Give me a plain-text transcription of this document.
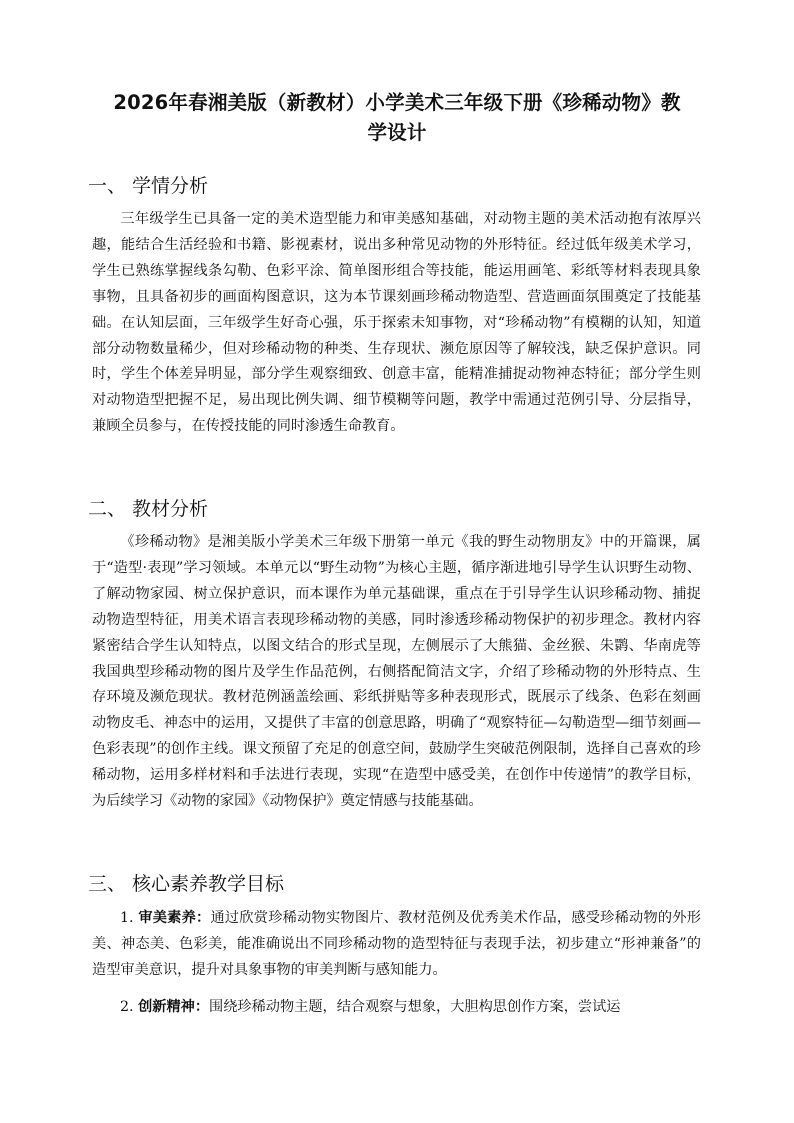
2026年春湘美版（新教材）小学美术三年级下册《珍稀动物》教
学设计
一、 学情分析

三年级学生已具备一定的美术造型能力和审美感知基础，对动物主题的美术活动抱有浓厚兴趣，能结合生活经验和书籍、影视素材，说出多种常见动物的外形特征。经过低年级美术学习，学生已熟练掌握线条勾勒、色彩平涂、简单图形组合等技能，能运用画笔、彩纸等材料表现具象事物，且具备初步的画面构图意识，这为本节课刻画珍稀动物造型、营造画面氛围奠定了技能基础。在认知层面，三年级学生好奇心强，乐于探索未知事物，对“珍稀动物”有模糊的认知，知道部分动物数量稀少，但对珍稀动物的种类、生存现状、濒危原因等了解较浅，缺乏保护意识。同时，学生个体差异明显，部分学生观察细致、创意丰富，能精准捕捉动物神态特征；部分学生则对动物造型把握不足，易出现比例失调、细节模糊等问题，教学中需通过范例引导、分层指导，兼顾全员参与，在传授技能的同时渗透生命教育。

二、 教材分析

《珍稀动物》是湘美版小学美术三年级下册第一单元《我的野生动物朋友》中的开篇课，属于“造型·表现”学习领域。本单元以“野生动物”为核心主题，循序渐进地引导学生认识野生动物、了解动物家园、树立保护意识，而本课作为单元基础课，重点在于引导学生认识珍稀动物、捕捉动物造型特征，用美术语言表现珍稀动物的美感，同时渗透珍稀动物保护的初步理念。教材内容紧密结合学生认知特点，以图文结合的形式呈现，左侧展示了大熊猫、金丝猴、朱鹮、华南虎等我国典型珍稀动物的图片及学生作品范例，右侧搭配简洁文字，介绍了珍稀动物的外形特点、生存环境及濒危现状。教材范例涵盖绘画、彩纸拼贴等多种表现形式，既展示了线条、色彩在刻画动物皮毛、神态中的运用，又提供了丰富的创意思路，明确了“观察特征—勾勒造型—细节刻画—色彩表现”的创作主线。课文预留了充足的创意空间，鼓励学生突破范例限制，选择自己喜欢的珍稀动物，运用多样材料和手法进行表现，实现“在造型中感受美，在创作中传递情”的教学目标，为后续学习《动物的家园》《动物保护》奠定情感与技能基础。

三、 核心素养教学目标

1. 审美素养：通过欣赏珍稀动物实物图片、教材范例及优秀美术作品，感受珍稀动物的外形美、神态美、色彩美，能准确说出不同珍稀动物的造型特征与表现手法，初步建立“形神兼备”的造型审美意识，提升对具象事物的审美判断与感知能力。

2. 创新精神：围绕珍稀动物主题，结合观察与想象，大胆构思创作方案，尝试运
